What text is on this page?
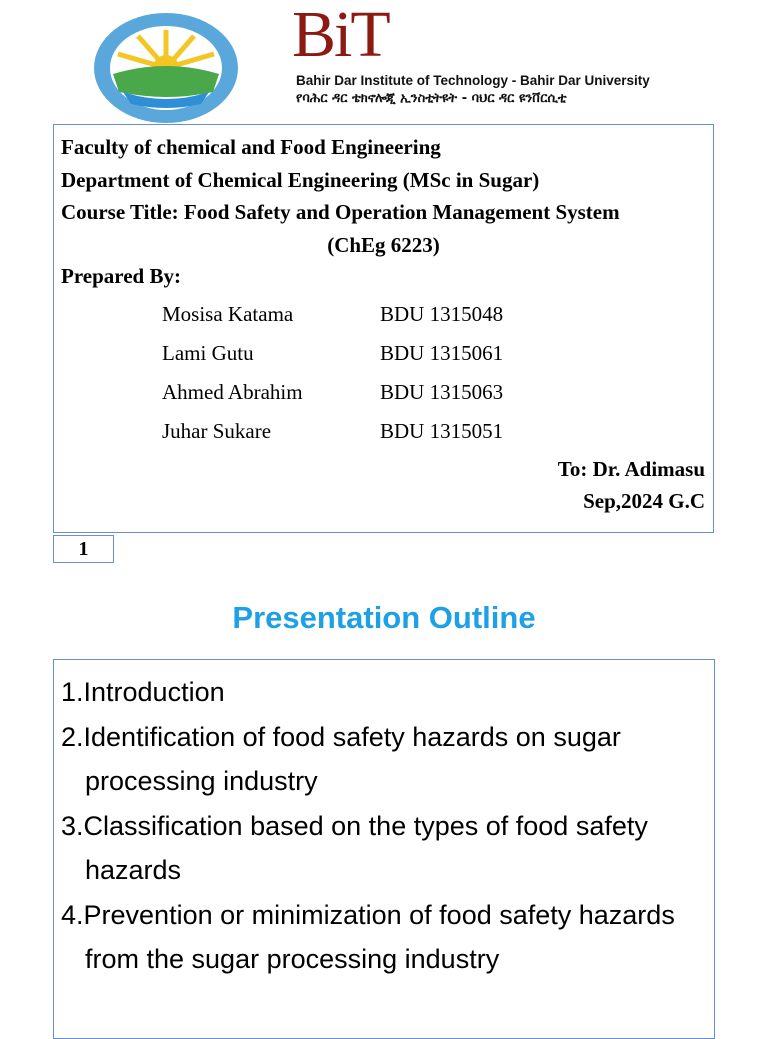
BiT
Bahir Dar Institute of Technology - Bahir Dar University
የባሕር ዳር ቴክኖሎጂ ኢንስቲትዩት - ባህር ዳር ዩንቨርሲቲ
Faculty of chemical and Food Engineering
Department of Chemical Engineering (MSc in Sugar)
Course Title: Food Safety and Operation Management System
(ChEg 6223)
Prepared By:
Mosisa Katama	BDU 1315048
Lami Gutu	BDU 1315061
Ahmed Abrahim	BDU 1315063
Juhar Sukare	BDU 1315051
To: Dr. Adimasu
Sep,2024 G.C
1
Presentation Outline
1.Introduction
2.Identification of food safety hazards on sugar processing industry
3.Classification based on the types of food safety hazards
4.Prevention or minimization of food safety hazards from the sugar processing industry
